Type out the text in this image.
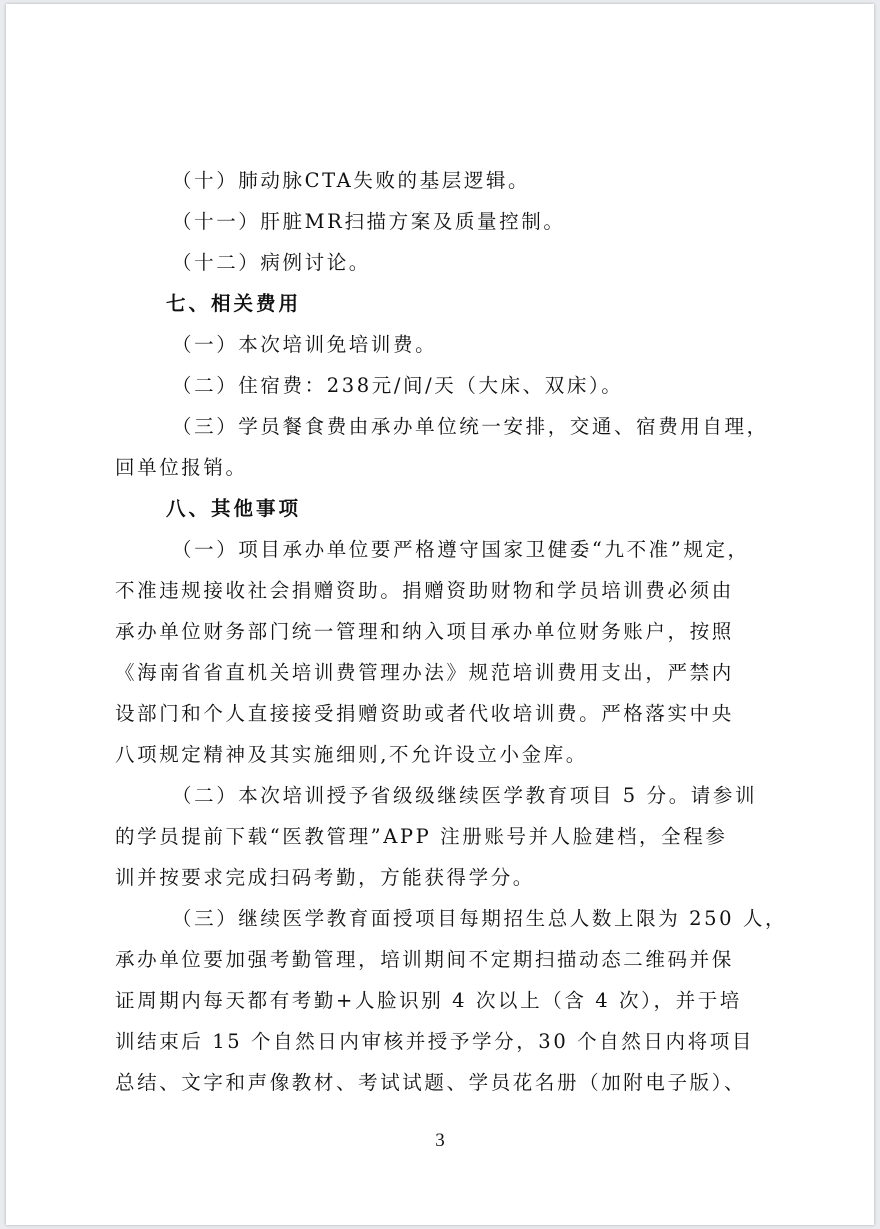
（十）肺动脉CTA失败的基层逻辑。
（十一）肝脏MR扫描方案及质量控制。
（十二）病例讨论。
七、相关费用
（一）本次培训免培训费。
（二）住宿费：238元/间/天（大床、双床）。
（三）学员餐食费由承办单位统一安排，交通、宿费用自理，
回单位报销。
八、其他事项
（一）项目承办单位要严格遵守国家卫健委“九不准”规定，
不准违规接收社会捐赠资助。捐赠资助财物和学员培训费必须由
承办单位财务部门统一管理和纳入项目承办单位财务账户，按照
《海南省省直机关培训费管理办法》规范培训费用支出，严禁内
设部门和个人直接接受捐赠资助或者代收培训费。严格落实中央
八项规定精神及其实施细则,不允许设立小金库。
（二）本次培训授予省级级继续医学教育项目 5 分。请参训
的学员提前下载“医教管理”APP 注册账号并人脸建档，全程参
训并按要求完成扫码考勤，方能获得学分。
（三）继续医学教育面授项目每期招生总人数上限为 250 人，
承办单位要加强考勤管理，培训期间不定期扫描动态二维码并保
证周期内每天都有考勤+人脸识别 4 次以上（含 4 次），并于培
训结束后 15 个自然日内审核并授予学分，30 个自然日内将项目
总结、文字和声像教材、考试试题、学员花名册（加附电子版）、
3
